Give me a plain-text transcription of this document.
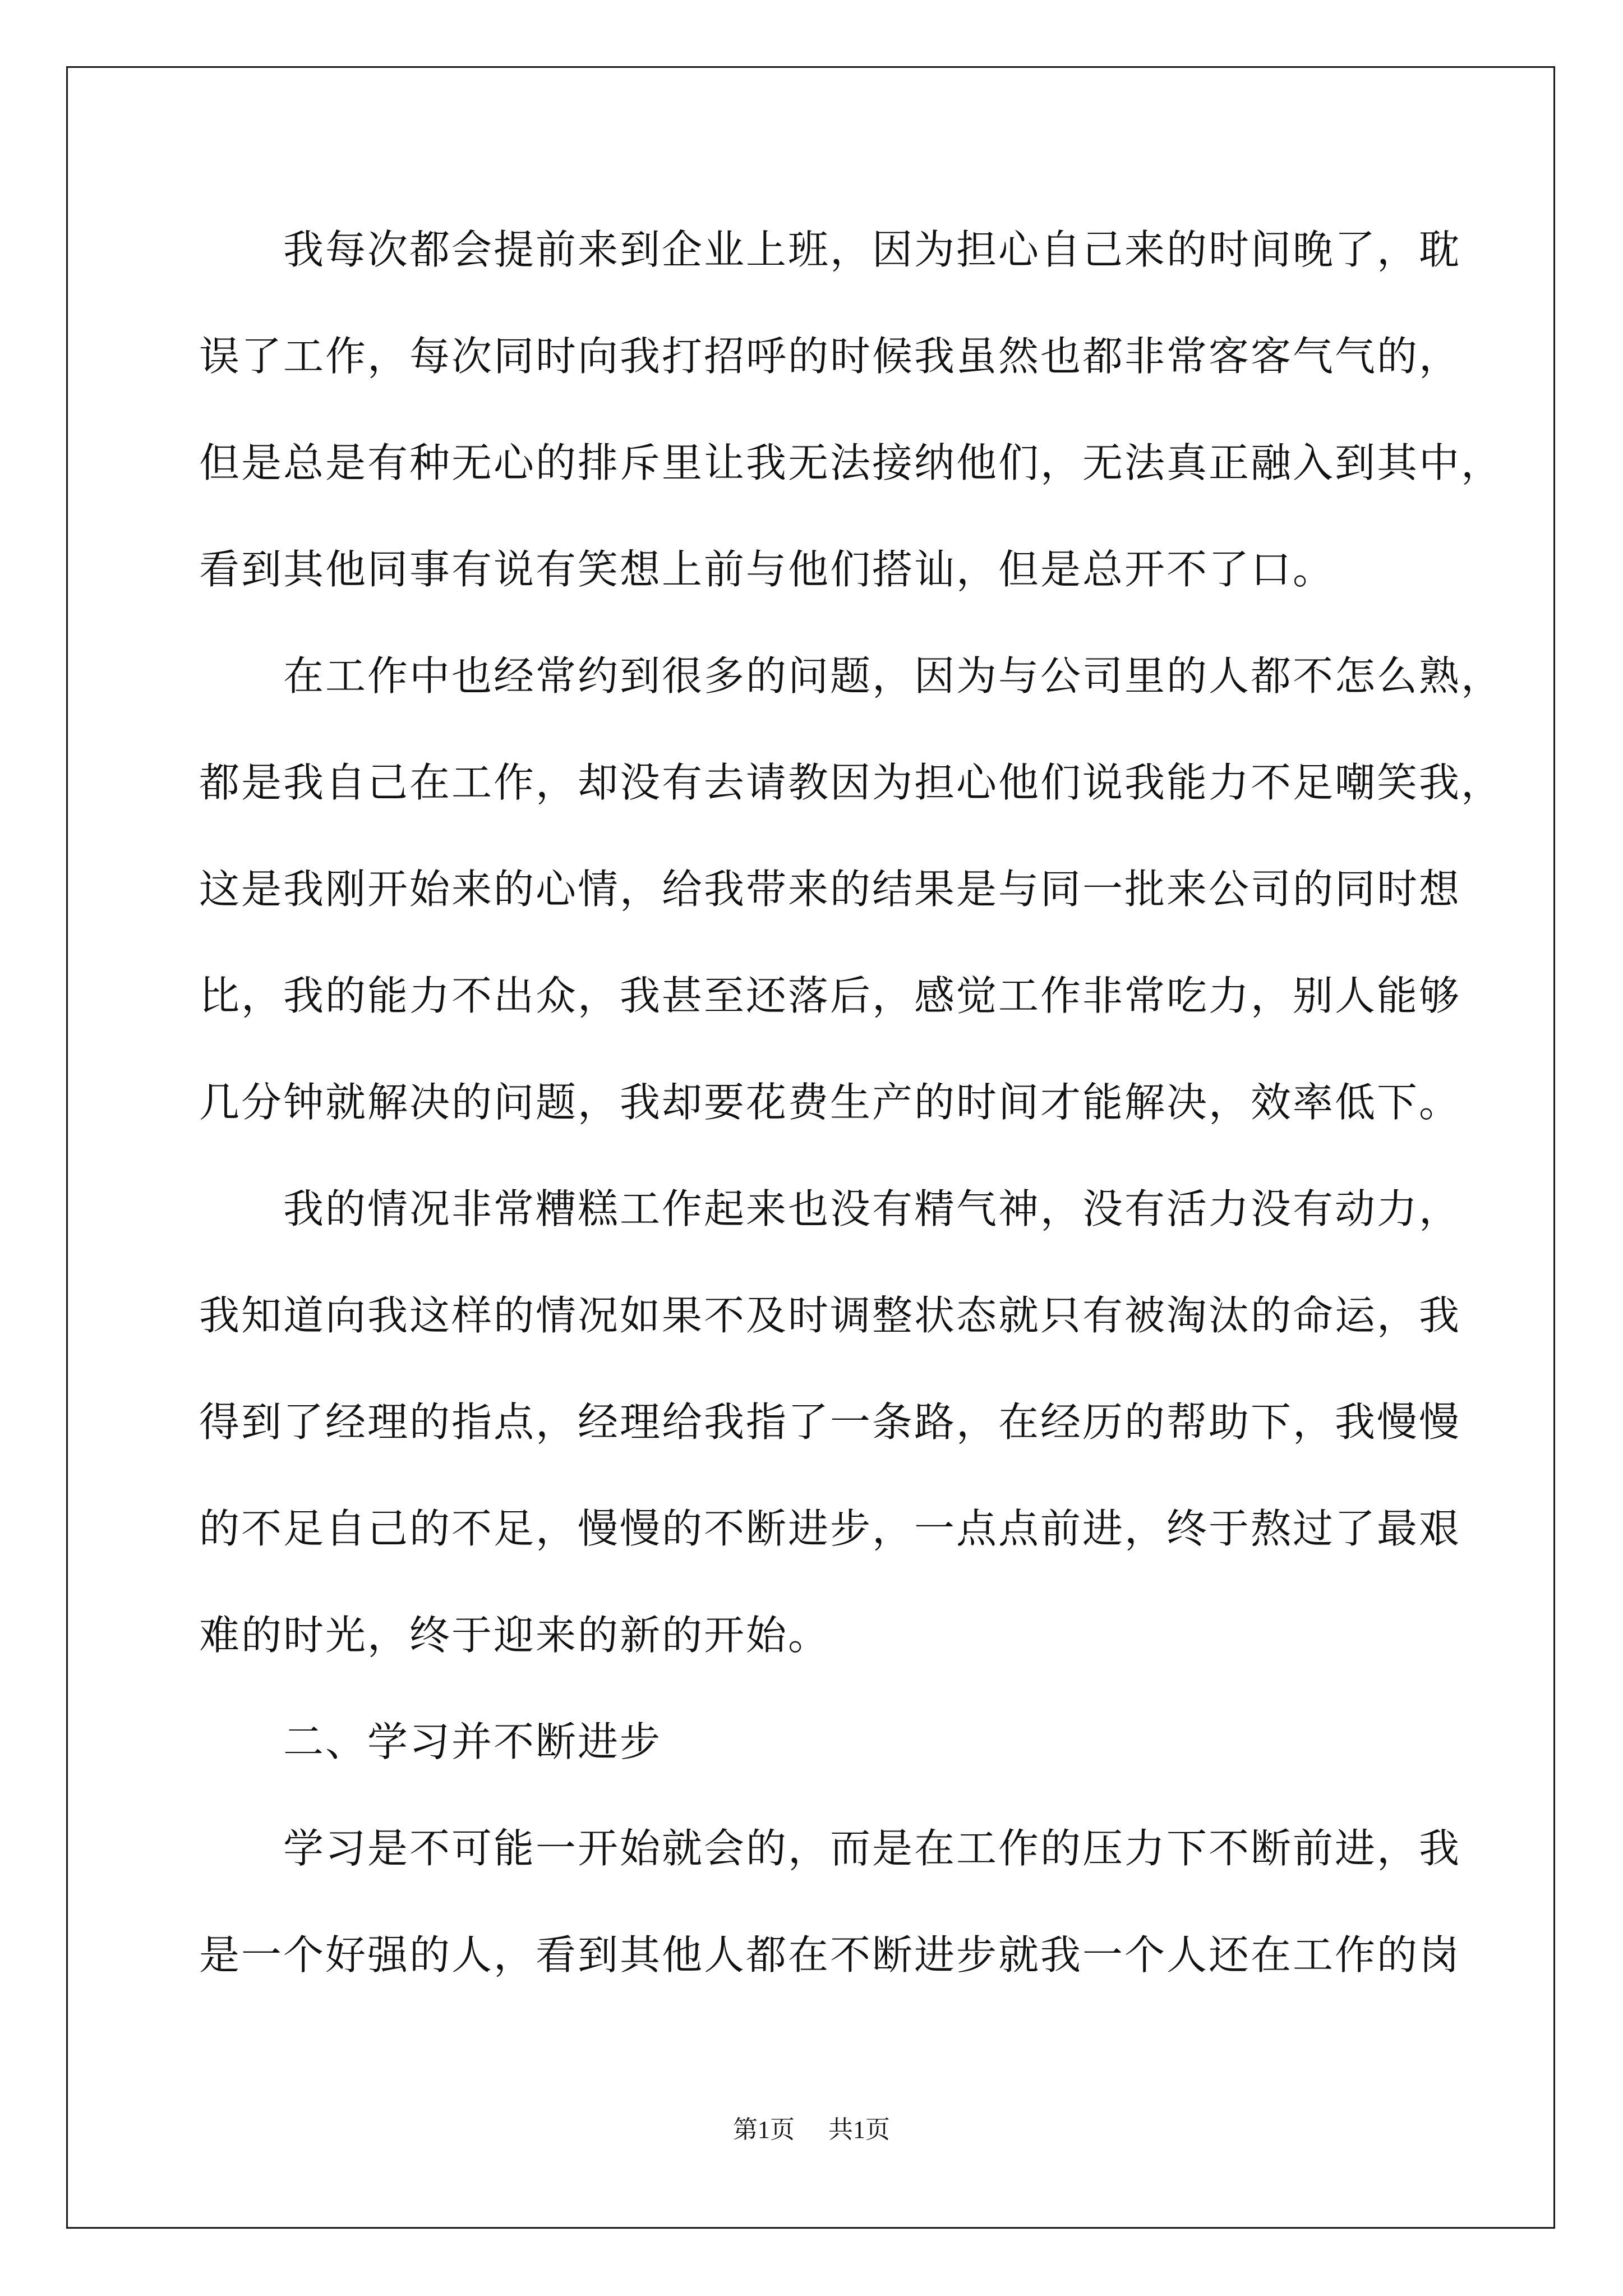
我每次都会提前来到企业上班，因为担心自己来的时间晚了，耽
误了工作，每次同时向我打招呼的时候我虽然也都非常客客气气的，
但是总是有种无心的排斥里让我无法接纳他们，无法真正融入到其中，
看到其他同事有说有笑想上前与他们搭讪，但是总开不了口。
在工作中也经常约到很多的问题，因为与公司里的人都不怎么熟，
都是我自己在工作，却没有去请教因为担心他们说我能力不足嘲笑我，
这是我刚开始来的心情，给我带来的结果是与同一批来公司的同时想
比，我的能力不出众，我甚至还落后，感觉工作非常吃力，别人能够
几分钟就解决的问题，我却要花费生产的时间才能解决，效率低下。
我的情况非常糟糕工作起来也没有精气神，没有活力没有动力，
我知道向我这样的情况如果不及时调整状态就只有被淘汰的命运，我
得到了经理的指点，经理给我指了一条路，在经历的帮助下，我慢慢
的不足自己的不足，慢慢的不断进步，一点点前进，终于熬过了最艰
难的时光，终于迎来的新的开始。
二、学习并不断进步
学习是不可能一开始就会的，而是在工作的压力下不断前进，我
是一个好强的人，看到其他人都在不断进步就我一个人还在工作的岗
第1页 共1页
